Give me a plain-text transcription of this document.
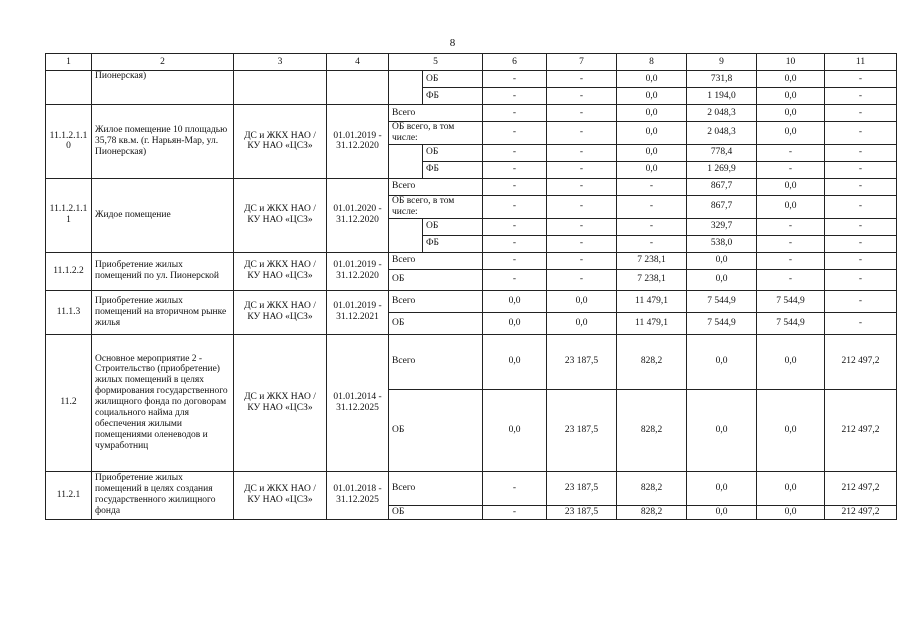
8
1	2	3	4	5		6	7	8	9	10	11
	Пионерская)				ОБ	-	-	0,0	731,8	0,0	-
					ФБ	-	-	0,0	1 194,0	0,0	-
11.1.2.1.1 0	Жилое помещение 10 площадью 35,78 кв.м. (г. Нарьян-Мар, ул. Пионерская)	ДС и ЖКХ НАО / КУ НАО «ЦСЗ»	01.01.2019 - 31.12.2020	Всего		-	-	0,0	2 048,3	0,0	-
				ОБ всего, в том числе:		-	-	0,0	2 048,3	0,0	-
					ОБ	-	-	0,0	778,4	-	-
					ФБ	-	-	0,0	1 269,9	-	-
11.1.2.1.1 1	Жидое помещение	ДС и ЖКХ НАО / КУ НАО «ЦСЗ»	01.01.2020 - 31.12.2020	Всего		-	-	-	867,7	0,0	-
				ОБ всего, в том числе:		-	-	-	867,7	0,0	-
					ОБ	-	-	-	329,7	-	-
					ФБ	-	-	-	538,0	-	-
11.1.2.2	Приобретение жилых помещений по ул. Пионерской	ДС и ЖКХ НАО / КУ НАО «ЦСЗ»	01.01.2019 - 31.12.2020	Всего		-	-	7 238,1	0,0	-	-
				ОБ		-	-	7 238,1	0,0	-	-
11.1.3	Приобретение жилых помещений на вторичном рынке жилья	ДС и ЖКХ НАО / КУ НАО «ЦСЗ»	01.01.2019 - 31.12.2021	Всего		0,0	0,0	11 479,1	7 544,9	7 544,9	-
				ОБ		0,0	0,0	11 479,1	7 544,9	7 544,9	-
11.2	Основное мероприятие 2 - Строительство (приобретение) жилых помещений в целях формирования государственного жилищного фонда по договорам социального найма для обеспечения жилыми помещениями оленеводов и чумработниц	ДС и ЖКХ НАО / КУ НАО «ЦСЗ»	01.01.2014 - 31.12.2025	Всего		0,0	23 187,5	828,2	0,0	0,0	212 497,2
				ОБ		0,0	23 187,5	828,2	0,0	0,0	212 497,2
11.2.1	Приобретение жилых помещений в целях создания государственного жилищного фонда	ДС и ЖКХ НАО / КУ НАО «ЦСЗ»	01.01.2018 - 31.12.2025	Всего		-	23 187,5	828,2	0,0	0,0	212 497,2
				ОБ		-	23 187,5	828,2	0,0	0,0	212 497,2
